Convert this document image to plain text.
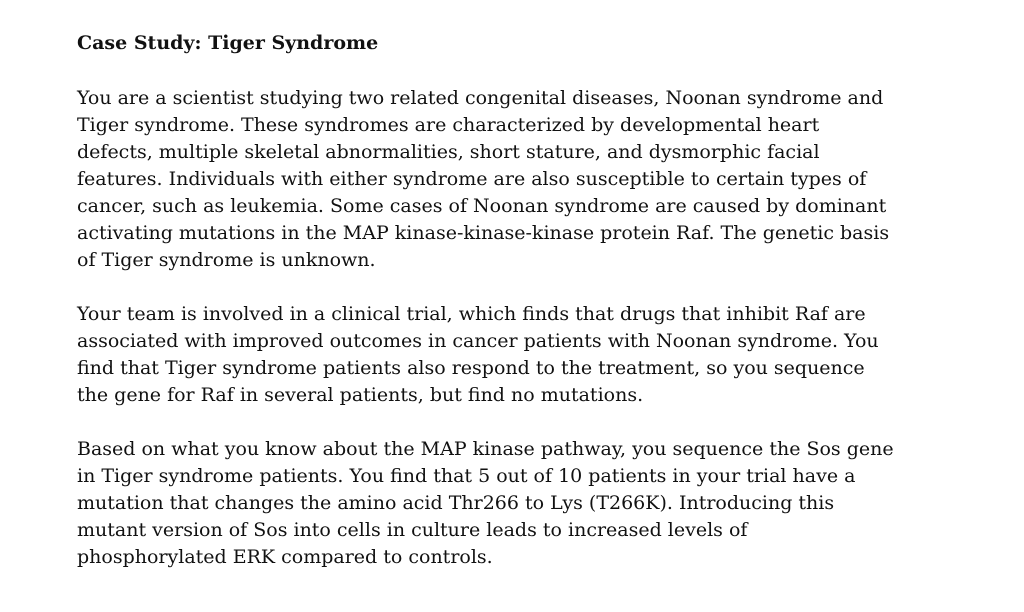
Case Study: Tiger Syndrome

You are a scientist studying two related congenital diseases, Noonan syndrome and
Tiger syndrome. These syndromes are characterized by developmental heart
defects, multiple skeletal abnormalities, short stature, and dysmorphic facial
features. Individuals with either syndrome are also susceptible to certain types of
cancer, such as leukemia. Some cases of Noonan syndrome are caused by dominant
activating mutations in the MAP kinase-kinase-kinase protein Raf. The genetic basis
of Tiger syndrome is unknown.

Your team is involved in a clinical trial, which finds that drugs that inhibit Raf are
associated with improved outcomes in cancer patients with Noonan syndrome. You
find that Tiger syndrome patients also respond to the treatment, so you sequence
the gene for Raf in several patients, but find no mutations.

Based on what you know about the MAP kinase pathway, you sequence the Sos gene
in Tiger syndrome patients. You find that 5 out of 10 patients in your trial have a
mutation that changes the amino acid Thr266 to Lys (T266K). Introducing this
mutant version of Sos into cells in culture leads to increased levels of
phosphorylated ERK compared to controls.
